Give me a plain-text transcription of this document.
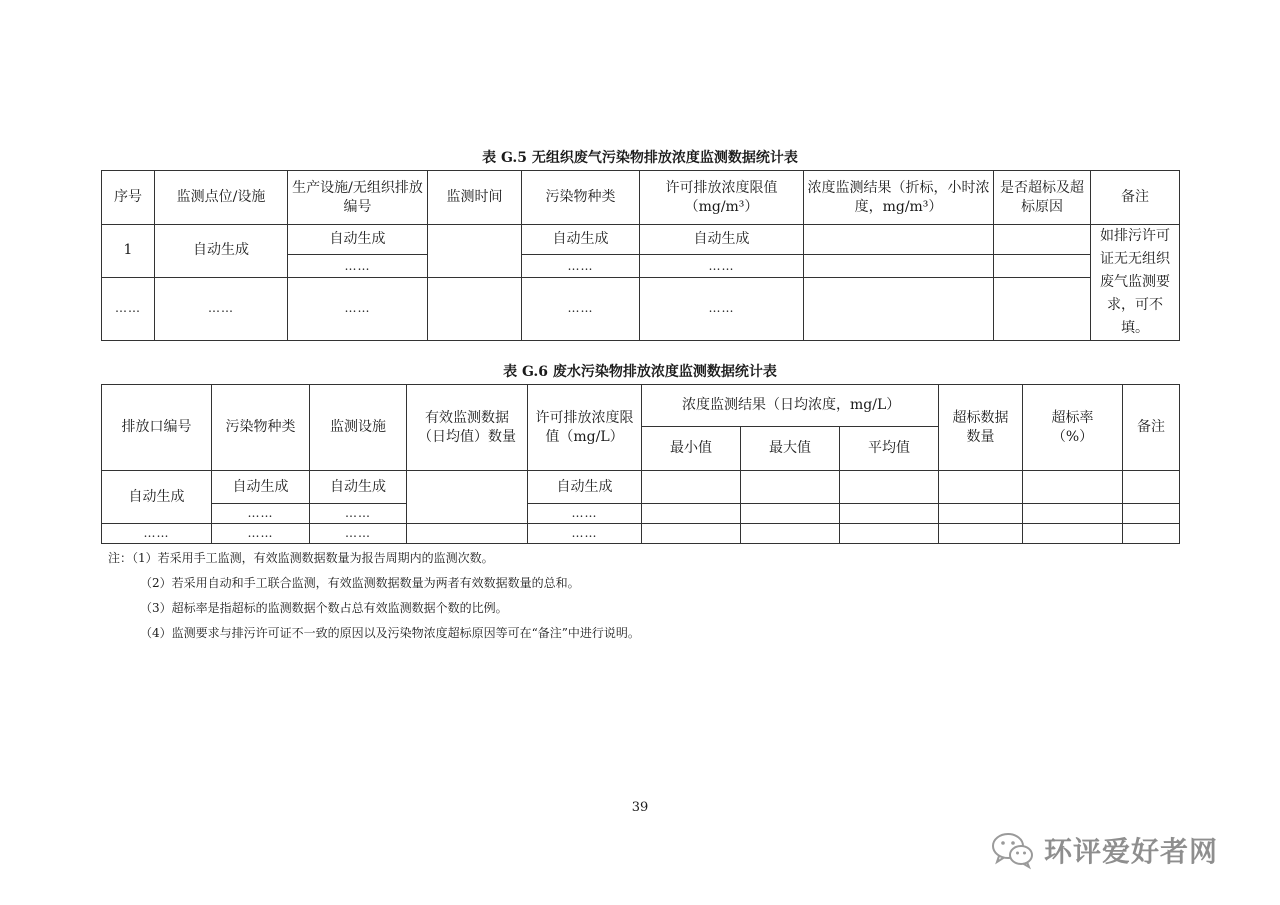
表 G.5 无组织废气污染物排放浓度监测数据统计表
序号	监测点位/设施	生产设施/无组织排放编号	监测时间	污染物种类	许可排放浓度限值（mg/m³）	浓度监测结果（折标，小时浓度，mg/m³）	是否超标及超标原因	备注
1	自动生成	自动生成		自动生成	自动生成			如排污许可证无无组织废气监测要求，可不填。
		……		……	……			
……	……	……		……	……			
表 G.6 废水污染物排放浓度监测数据统计表
排放口编号	污染物种类	监测设施	有效监测数据（日均值）数量	许可排放浓度限值（mg/L）	浓度监测结果（日均浓度，mg/L）			超标数据数量	超标率（%）	备注
					最小值	最大值	平均值			
自动生成	自动生成	自动生成		自动生成						
	……	……		……						
……	……	……		……						
注：（1）若采用手工监测，有效监测数据数量为报告周期内的监测次数。
（2）若采用自动和手工联合监测，有效监测数据数量为两者有效数据数量的总和。
（3）超标率是指超标的监测数据个数占总有效监测数据个数的比例。
（4）监测要求与排污许可证不一致的原因以及污染物浓度超标原因等可在“备注”中进行说明。
39
环评爱好者网
